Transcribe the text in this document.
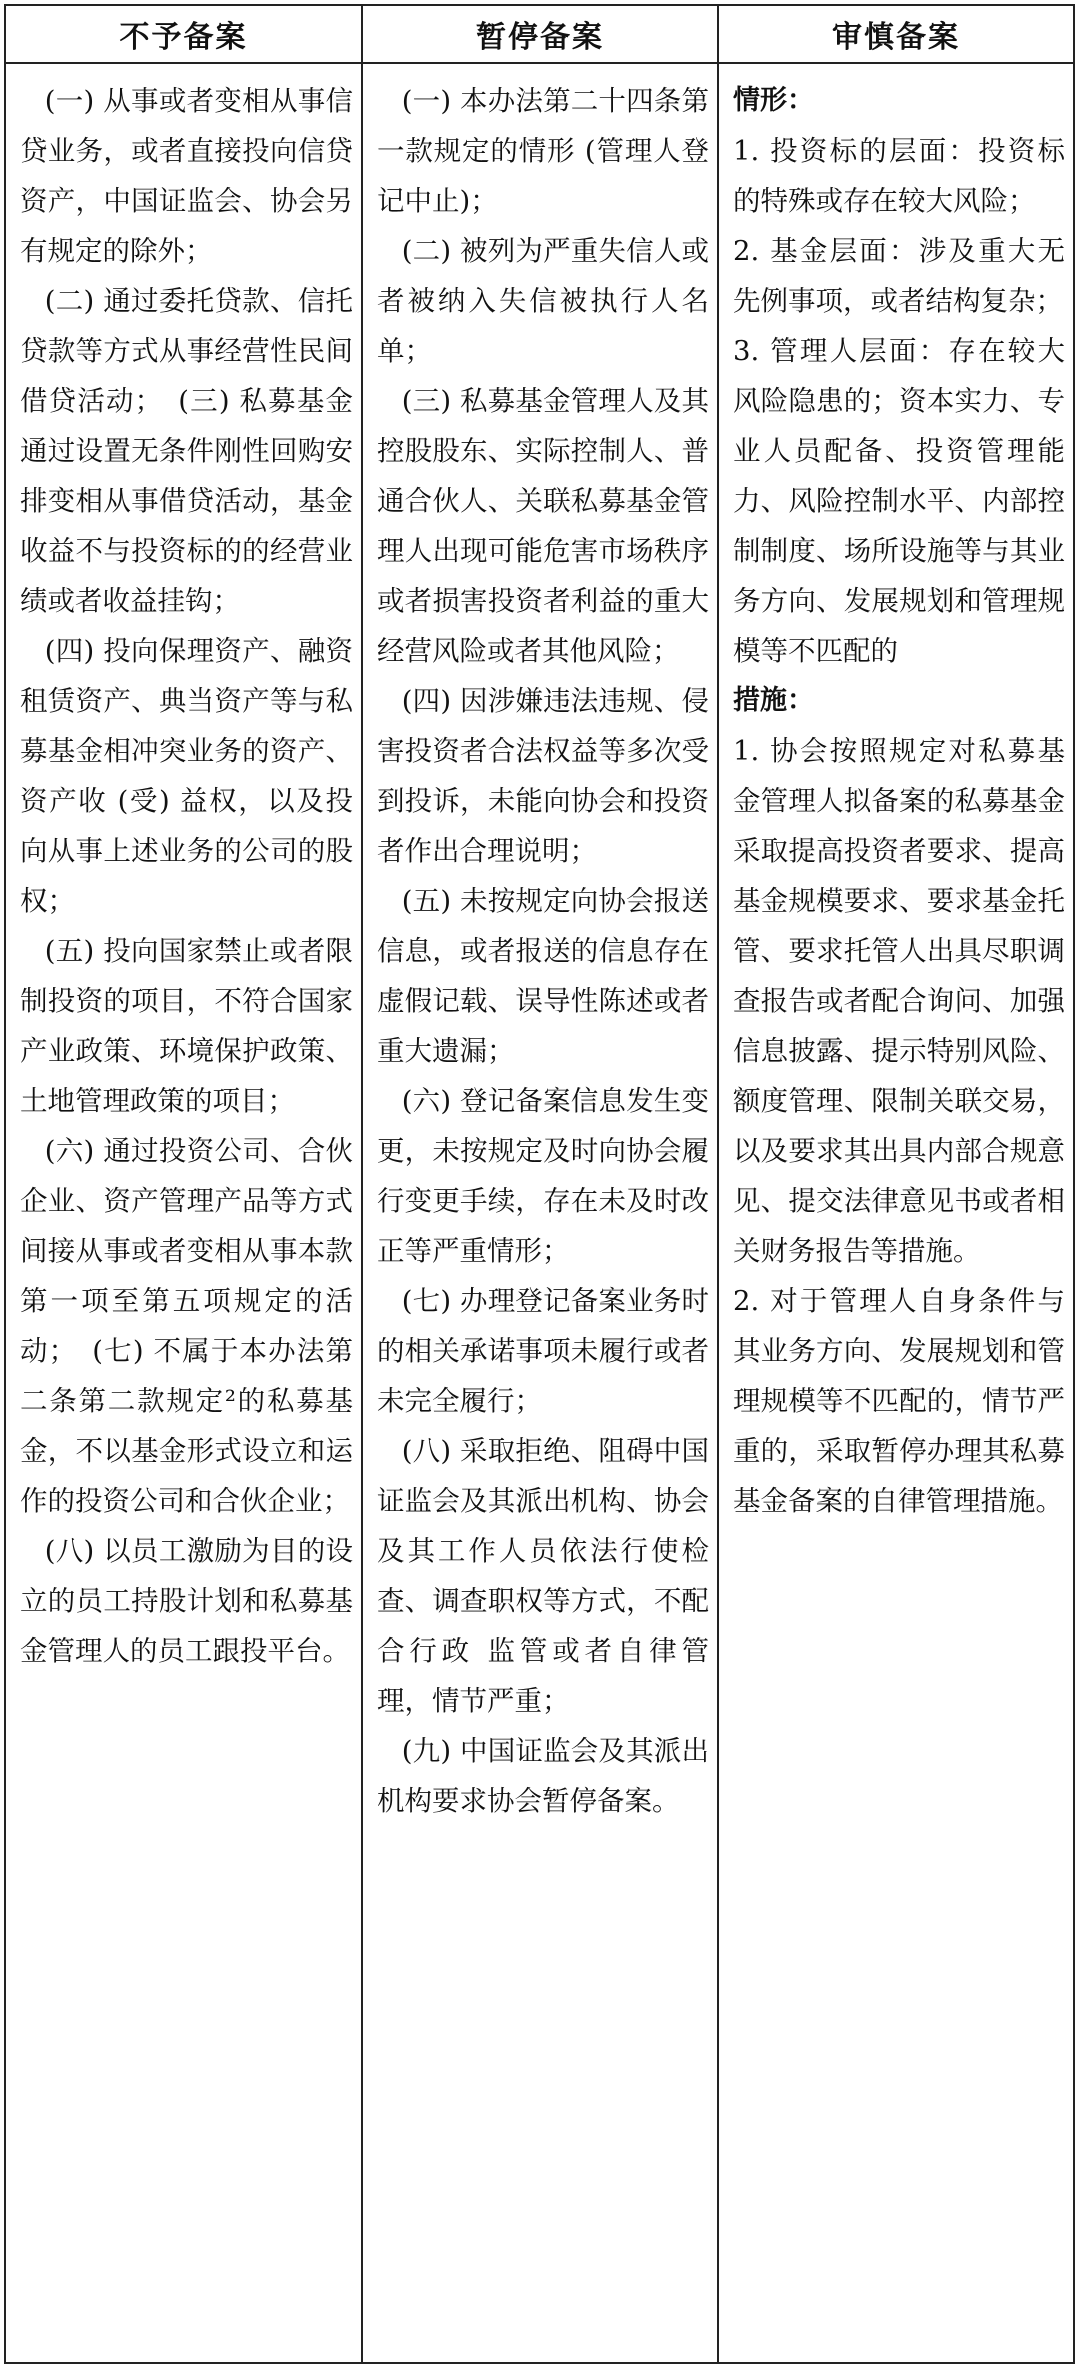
不予备案	暂停备案	审慎备案

(一) 从事或者变相从事信贷业务，或者直接投向信贷资产，中国证监会、协会另有规定的除外；

(二) 通过委托贷款、信托贷款等方式从事经营性民间借贷活动；　(三) 私募基金通过设置无条件刚性回购安排变相从事借贷活动，基金收益不与投资标的的经营业绩或者收益挂钩；

(四) 投向保理资产、融资租赁资产、典当资产等与私募基金相冲突业务的资产、资产收 (受) 益权，以及投向从事上述业务的公司的股权；

(五) 投向国家禁止或者限制投资的项目，不符合国家产业政策、环境保护政策、土地管理政策的项目；

(六) 通过投资公司、合伙企业、资产管理产品等方式间接从事或者变相从事本款第一项至第五项规定的活动；　(七) 不属于本办法第二条第二款规定²的私募基金，不以基金形式设立和运作的投资公司和合伙企业；

(八) 以员工激励为目的设立的员工持股计划和私募基金管理人的员工跟投平台。

(一) 本办法第二十四条第一款规定的情形 (管理人登记中止)；

(二) 被列为严重失信人或者被纳入失信被执行人名单；

(三) 私募基金管理人及其控股股东、实际控制人、普通合伙人、关联私募基金管理人出现可能危害市场秩序或者损害投资者利益的重大经营风险或者其他风险；

(四) 因涉嫌违法违规、侵害投资者合法权益等多次受到投诉，未能向协会和投资者作出合理说明；

(五) 未按规定向协会报送信息，或者报送的信息存在虚假记载、误导性陈述或者重大遗漏；

(六) 登记备案信息发生变更，未按规定及时向协会履行变更手续，存在未及时改正等严重情形；

(七) 办理登记备案业务时的相关承诺事项未履行或者未完全履行；

(八) 采取拒绝、阻碍中国证监会及其派出机构、协会及其工作人员依法行使检查、调查职权等方式，不配合行政 监管或者自律管理，情节严重；

(九) 中国证监会及其派出机构要求协会暂停备案。

情形：

1. 投资标的层面：投资标的特殊或存在较大风险；

2. 基金层面：涉及重大无先例事项，或者结构复杂；

3. 管理人层面：存在较大风险隐患的；资本实力、专业人员配备、投资管理能力、风险控制水平、内部控制制度、场所设施等与其业务方向、发展规划和管理规模等不匹配的

措施：

1. 协会按照规定对私募基金管理人拟备案的私募基金采取提高投资者要求、提高基金规模要求、要求基金托管、要求托管人出具尽职调查报告或者配合询问、加强信息披露、提示特别风险、额度管理、限制关联交易，以及要求其出具内部合规意见、提交法律意见书或者相关财务报告等措施。

2. 对于管理人自身条件与其业务方向、发展规划和管理规模等不匹配的，情节严重的，采取暂停办理其私募基金备案的自律管理措施。
